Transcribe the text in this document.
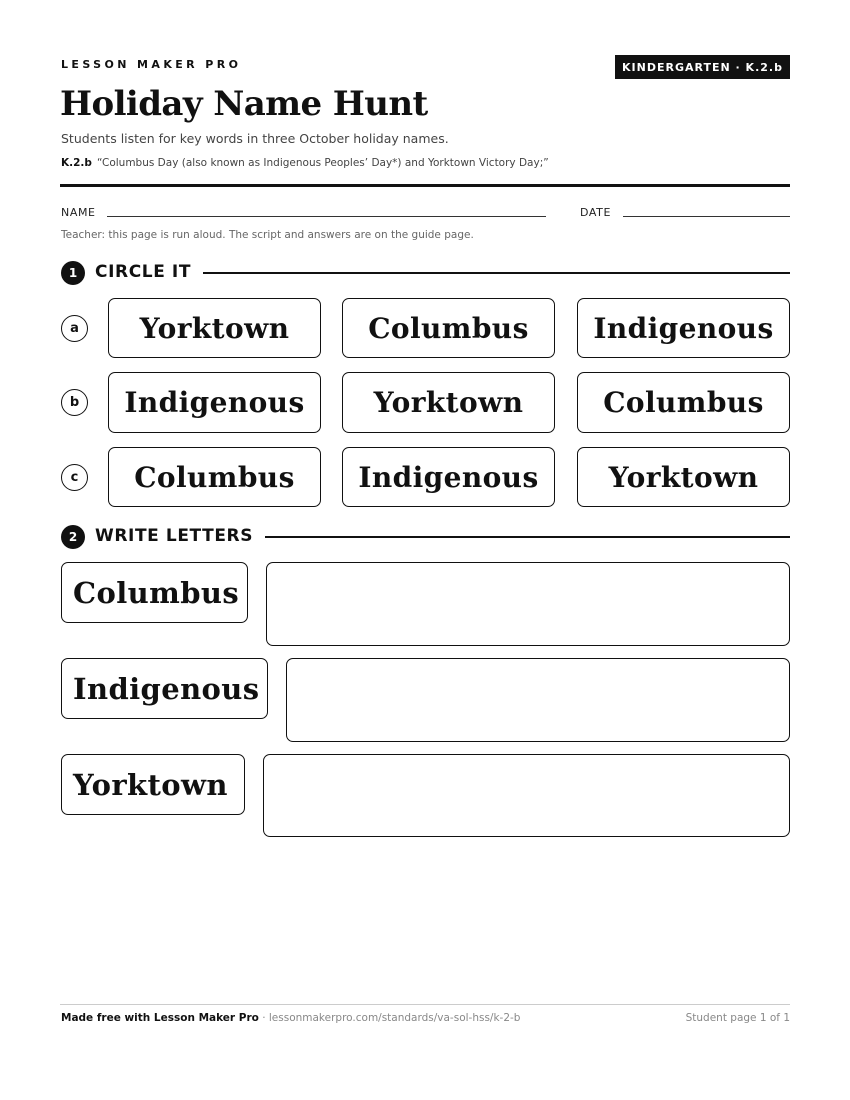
LESSON MAKER PRO	KINDERGARTEN · K.2.b
Holiday Name Hunt
Students listen for key words in three October holiday names.
K.2.b “Columbus Day (also known as Indigenous Peoples’ Day*) and Yorktown Victory Day;”
NAME	DATE
Teacher: this page is run aloud. The script and answers are on the guide page.
1	CIRCLE IT
a	Yorktown	Columbus	Indigenous
b	Indigenous	Yorktown	Columbus
c	Columbus	Indigenous	Yorktown
2	WRITE LETTERS
Columbus
Indigenous
Yorktown
Made free with Lesson Maker Pro · lessonmakerpro.com/standards/va-sol-hss/k-2-b	Student page 1 of 1
